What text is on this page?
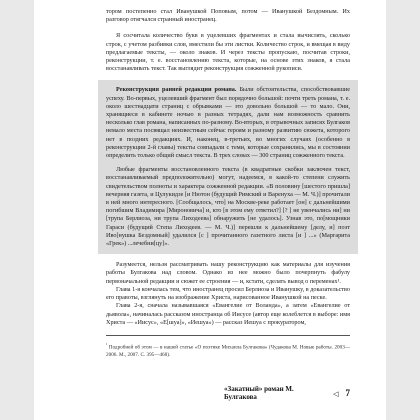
тором постепенно стал Иванушкой Поповым, потом — Иванушкой Бездомным. Их разговор отягчался странный иностранец.

Я сосчитала количество букв в уцелевших фрагментах и стала вычислять, сколько строк, с учетом разбивки слов, вместили бы эти листки. Количество строк, и вмещая в виду предлагаемые тексты, — около знаков. И через тексты пропускаю, посчитав строки, реконструкции, т. е. восстановлению текста, которые, на основе этих знаков, я стала восстанавливать текст. Так выглядит реконструкция сожженной рукописи.

Реконструкция ранней редакции романа. Были обстоятельства, способствовавшие успеху. Во-первых, уцелевший фрагмент был порядочно большой: почти треть романа, т. е. около шестнадцати страниц с обрывками — это довольно большой — то мало. Они, хранящиеся в кабинете ночью в разных тетрадях, дали нам возможность сравнить несколько глав романа, написанных по-разному. Во-вторых, в отрывочных записях Булгаков немало места посвящал неизвестным сейчас героям и разному развитию сюжета, которого нет в поздних редакциях. И, наконец, в-третьих, во многих случаях (особенно в реконструкции 2-й главы) тексты совпадали с теми, которые сохранились, мы в состоянии определить только общий смысл текста. В трех словах — 300 страниц сожженного текста.

Любые фрагменты восстановленного текста (в квадратные скобки заключен текст, восстанавливаемый предположительно) могут, надеемся, в какой-то степени служить свидетельством полноты и характера сожженной редакции. «В половину [шестого пришла] вечерняя газета, и Цулукидзе [и Нютон (будущий Римский и Варенуха — М. Ч.)] прочитали в ней много интересного. [Сообщалось, что] на Москве-реке работает [он] с дальнейшими погибшим Владимира [Мироновича] и, кто [в этом ему ответил?] [? ] не увенчались ни] ни [трупа Берлиоза, ни трупа Лиходеева] обнаружить [не удалось]. Узнав это, по[мощники Гараси (будущий Степа Лиходеев. — М. Ч.)] перешли к дальнейшему [делу, и] поэт Иво[нушка Бездомный] удалился [с ] прочитанного газетного листа [и ] ...» (Маргарита «Грек») ...лечебни[цу]».

Разумеется, нельзя рассматривать нашу реконструкцию как материалы для изучения работы Булгакова над словом. Однако из нее можно было почерпнуть фабулу первоначальной редакции и сюжет ее строения — и, кстати, сделать вывод о переменах¹.

Глава 1-я кончалась тем, что иностранец просил Берлиоза и Иванушку, в доказательство его правоты, взглянуть на изображение Христа, нарисованное Иванушкой на песке.

Глава 2-я, сначала называвшаяся «Евангелие от Воланда», а затем «Евангелие от дьявола», начиналась рассказом иностранца об Иисусе (автор еще колеблется в выборе: имя Христа — «Иисус», «Е[шуа]», «Иешуа») — рассказ Иешуа с прокуратором,

$^{^1}$ Подробней об этом — в нашей статье «О поэтике Михаила Булгакова» (Чудакова М. Новые работы. 2003—2006. М., 2007. С. 395—468).
«Закатный» роман М. Булгакова	◁ 7
